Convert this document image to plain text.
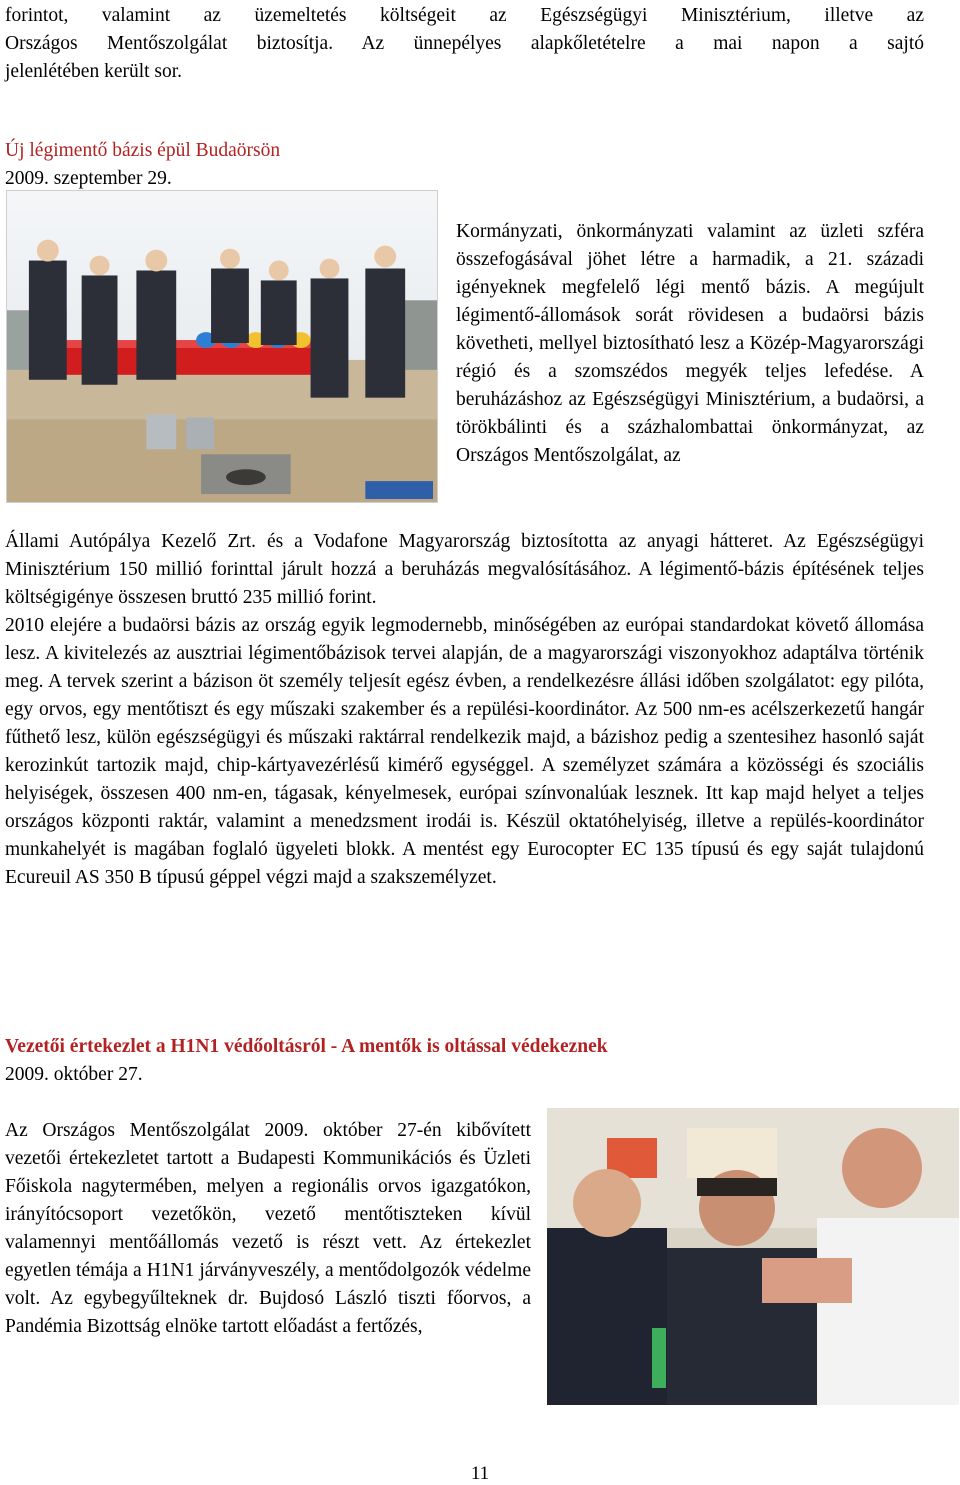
forintot, valamint az üzemeltetés költségeit az Egészségügyi Minisztérium, illetve az
Országos Mentőszolgálat biztosítja. Az ünnepélyes alapkőletételre a mai napon a sajtó
jelenlétében került sor.
Új légimentő bázis épül Budaörsön
2009. szeptember 29.
Kormányzati, önkormányzati valamint az üzleti szféra összefogásával jöhet létre a harmadik, a 21. századi igényeknek megfelelő légi mentő bázis. A megújult légimentő-állomások sorát rövidesen a budaörsi bázis követheti, mellyel biztosítható lesz a Közép-Magyarországi régió és a szomszédos megyék teljes lefedése. A beruházáshoz az Egészségügyi Minisztérium, a budaörsi, a törökbálinti és a százhalombattai önkormányzat, az Országos Mentőszolgálat, az

Állami Autópálya Kezelő Zrt. és a Vodafone Magyarország biztosította az anyagi hátteret. Az Egészségügyi Minisztérium 150 millió forinttal járult hozzá a beruházás megvalósításához. A légimentő-bázis építésének teljes költségigénye összesen bruttó 235 millió forint.

2010 elejére a budaörsi bázis az ország egyik legmodernebb, minőségében az európai standardokat követő állomása lesz. A kivitelezés az ausztriai légimentőbázisok tervei alapján, de a magyarországi viszonyokhoz adaptálva történik meg. A tervek szerint a bázison öt személy teljesít egész évben, a rendelkezésre állási időben szolgálatot: egy pilóta, egy orvos, egy mentőtiszt és egy műszaki szakember és a repülési-koordinátor. Az 500 nm-es acélszerkezetű hangár fűthető lesz, külön egészségügyi és műszaki raktárral rendelkezik majd, a bázishoz pedig a szentesihez hasonló saját kerozinkút tartozik majd, chip-kártyavezérlésű kimérő egységgel. A személyzet számára a közösségi és szociális helyiségek, összesen 400 nm-en, tágasak, kényelmesek, európai színvonalúak lesznek. Itt kap majd helyet a teljes országos központi raktár, valamint a menedzsment irodái is. Készül oktatóhelyiség, illetve a repülés-koordinátor munkahelyét is magában foglaló ügyeleti blokk. A mentést egy Eurocopter EC 135 típusú és egy saját tulajdonú Ecureuil AS 350 B típusú géppel végzi majd a szakszemélyzet.

Vezetői értekezlet a H1N1 védőoltásról - A mentők is oltással védekeznek
2009. október 27.
Az Országos Mentőszolgálat 2009. október 27-én kibővített vezetői értekezletet tartott a Budapesti Kommunikációs és Üzleti Főiskola nagytermében, melyen a regionális orvos igazgatókon, irányítócsoport vezetőkön, vezető mentőtiszteken kívül valamennyi mentőállomás vezető is részt vett. Az értekezlet egyetlen témája a H1N1 járványveszély, a mentődolgozók védelme volt. Az egybegyűlteknek dr. Bujdosó László tiszti főorvos, a Pandémia Bizottság elnöke tartott előadást a fertőzés,
11
